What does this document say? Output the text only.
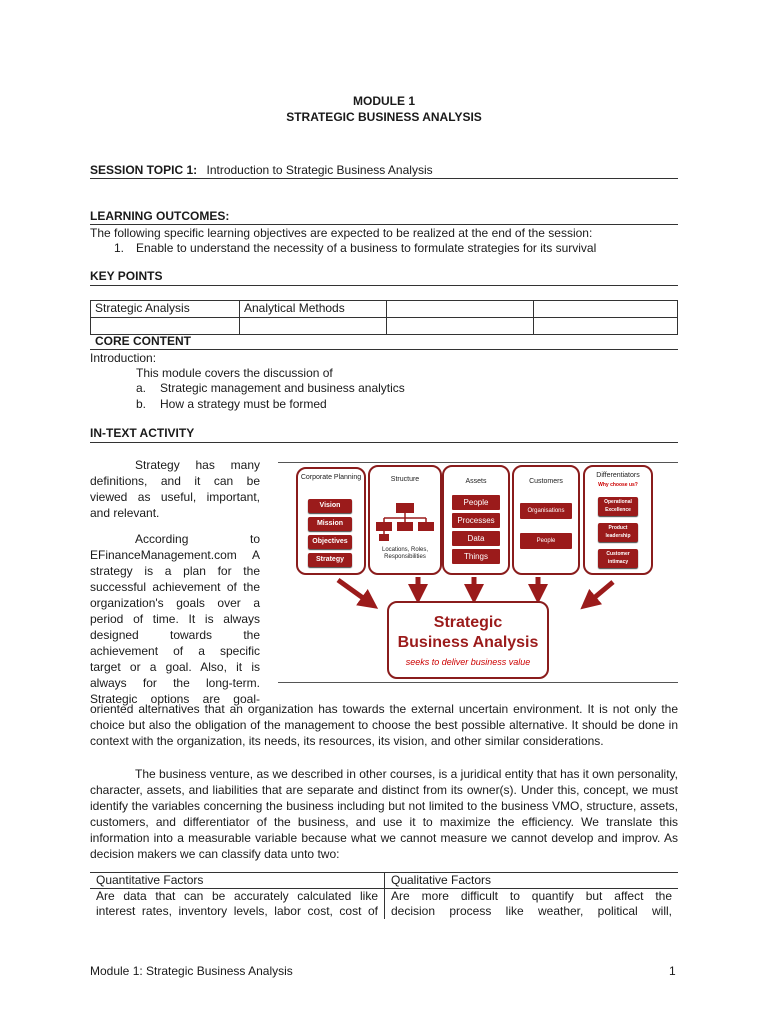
MODULE 1
STRATEGIC BUSINESS ANALYSIS
SESSION TOPIC 1: Introduction to Strategic Business Analysis
LEARNING OUTCOMES:
The following specific learning objectives are expected to be realized at the end of the session:
1. Enable to understand the necessity of a business to formulate strategies for its survival
KEY POINTS
Strategic Analysis	Analytical Methods		

CORE CONTENT
Introduction:
This module covers the discussion of
a. Strategic management and business analytics
b. How a strategy must be formed
IN-TEXT ACTIVITY
Strategy has many
definitions, and it can be
viewed as useful, important,
and relevant.
According to
EFinanceManagement.com A
strategy is a plan for the
successful achievement of the
organization's goals over a
period of time. It is always
designed towards the
achievement of a specific
target or a goal. Also, it is
always for the long-term.
Strategic options are goal-
Corporate Planning
Vision
Mission
Objectives
Strategy
Structure
Locations, Roles, Responsibilities
Assets
People
Processes
Data
Things
Customers
Organisations
People
Differentiators
Why choose us?
Operational Excellence
Product leadership
Customer intimacy
Strategic
Business Analysis
seeks to deliver business value
oriented alternatives that an organization has towards the external uncertain environment. It is not only the choice but also the obligation of the management to choose the best possible alternative. It should be done in context with the organization, its needs, its resources, its vision, and other similar considerations.
The business venture, as we described in other courses, is a juridical entity that has it own personality, character, assets, and liabilities that are separate and distinct from its owner(s). Under this, concept, we must identify the variables concerning the business including but not limited to the business VMO, structure, assets, customers, and differentiator of the business, and use it to maximize the efficiency. We translate this information into a measurable variable because what we cannot measure we cannot develop and improv. As decision makers we can classify data unto two:
Quantitative Factors	Qualitative Factors
Are data that can be accurately calculated like	Are more difficult to quantify but affect the
interest rates, inventory levels, labor cost, cost of	decision process like weather, political will,
Module 1: Strategic Business Analysis	1
